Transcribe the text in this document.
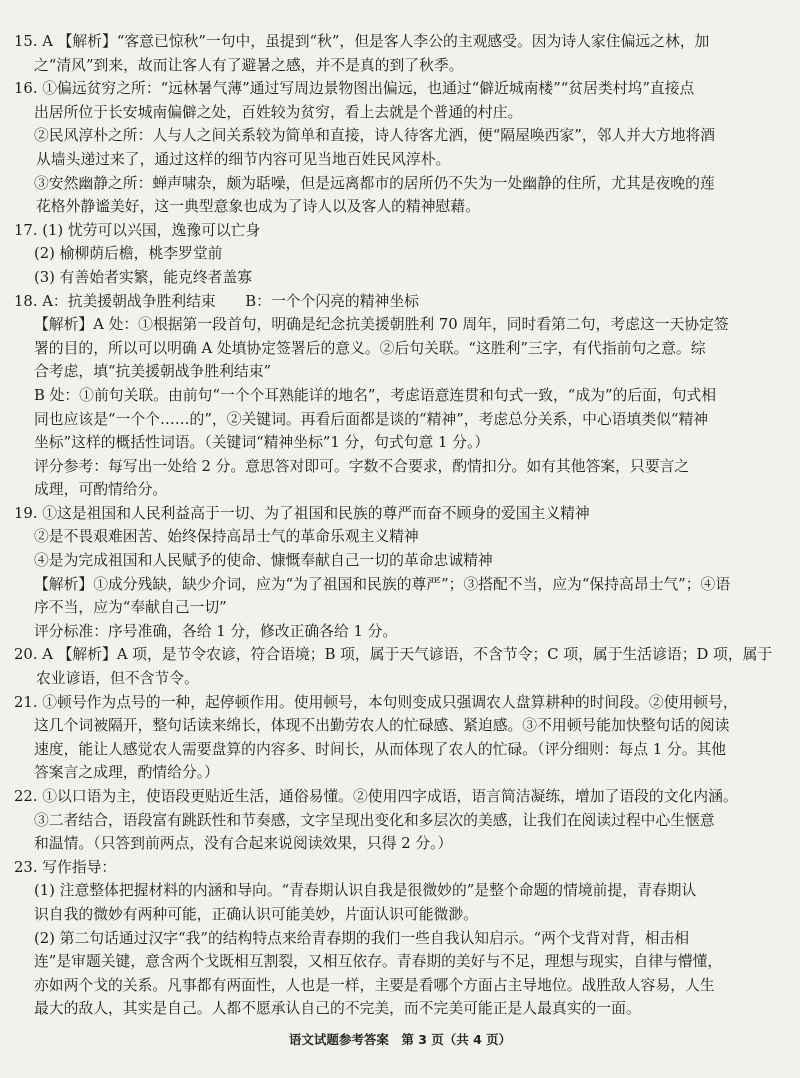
15. A 【解析】“客意已惊秋”一句中，虽提到“秋”，但是客人李公的主观感受。因为诗人家住偏远之林，加
之“清风”到来，故而让客人有了避暑之感，并不是真的到了秋季。
16. ①偏远贫穷之所：“远林暑气薄”通过写周边景物图出偏远，也通过“僻近城南楼”“贫居类村坞”直接点
出居所位于长安城南偏僻之处，百姓较为贫穷，看上去就是个普通的村庄。
②民风淳朴之所：人与人之间关系较为简单和直接，诗人待客尤洒，便“隔屋唤西家”，邻人并大方地将酒
从墙头递过来了，通过这样的细节内容可见当地百姓民风淳朴。
③安然幽静之所：蝉声啸杂，颇为聒噪，但是远离都市的居所仍不失为一处幽静的住所，尤其是夜晚的莲
花格外静谧美好，这一典型意象也成为了诗人以及客人的精神慰藉。
17. (1) 忧劳可以兴国，逸豫可以亡身
(2) 榆柳荫后檐，桃李罗堂前
(3) 有善始者实繁，能克终者盖寡
18. A：抗美援朝战争胜利结束　　B：一个个闪亮的精神坐标
【解析】A 处：①根据第一段首句，明确是纪念抗美援朝胜利 70 周年，同时看第二句，考虑这一天协定签
署的目的，所以可以明确 A 处填协定签署后的意义。②后句关联。“这胜利”三字，有代指前句之意。综
合考虑，填“抗美援朝战争胜利结束”
B 处：①前句关联。由前句“一个个耳熟能详的地名”，考虑语意连贯和句式一致，“成为”的后面，句式相
同也应该是“一个个……的”，②关键词。再看后面都是谈的“精神”，考虑总分关系，中心语填类似“精神
坐标”这样的概括性词语。（关键词“精神坐标”1 分，句式句意 1 分。）
评分参考：每写出一处给 2 分。意思答对即可。字数不合要求，酌情扣分。如有其他答案，只要言之
成理，可酌情给分。
19. ①这是祖国和人民利益高于一切、为了祖国和民族的尊严而奋不顾身的爱国主义精神
②是不畏艰难困苦、始终保持高昂士气的革命乐观主义精神
④是为完成祖国和人民赋予的使命、慷慨奉献自己一切的革命忠诚精神
【解析】①成分残缺，缺少介词，应为“为了祖国和民族的尊严”；③搭配不当，应为“保持高昂士气”；④语
序不当，应为“奉献自己一切”
评分标准：序号准确，各给 1 分，修改正确各给 1 分。
20. A 【解析】A 项，是节令农谚，符合语境；B 项，属于天气谚语，不含节令；C 项，属于生活谚语；D 项，属于
农业谚语，但不含节令。
21. ①顿号作为点号的一种，起停顿作用。使用顿号，本句则变成只强调农人盘算耕种的时间段。②使用顿号，
这几个词被隔开，整句话读来绵长，体现不出勤劳农人的忙碌感、紧迫感。③不用顿号能加快整句话的阅读
速度，能让人感觉农人需要盘算的内容多、时间长，从而体现了农人的忙碌。（评分细则：每点 1 分。其他
答案言之成理，酌情给分。）
22. ①以口语为主，使语段更贴近生活，通俗易懂。②使用四字成语，语言简洁凝练，增加了语段的文化内涵。
③二者结合，语段富有跳跃性和节奏感，文字呈现出变化和多层次的美感，让我们在阅读过程中心生惬意
和温情。（只答到前两点，没有合起来说阅读效果，只得 2 分。）
23. 写作指导：
(1) 注意整体把握材料的内涵和导向。“青春期认识自我是很微妙的”是整个命题的情境前提，青春期认
识自我的微妙有两种可能，正确认识可能美妙，片面认识可能微渺。
(2) 第二句话通过汉字“我”的结构特点来给青春期的我们一些自我认知启示。“两个戈背对背，相击相
连”是审题关键，意含两个戈既相互割裂，又相互依存。青春期的美好与不足，理想与现实，自律与懵懂，
亦如两个戈的关系。凡事都有两面性，人也是一样，主要是看哪个方面占主导地位。战胜敌人容易，人生
最大的敌人，其实是自己。人都不愿承认自己的不完美，而不完美可能正是人最真实的一面。
语文试题参考答案　第 3 页（共 4 页）
